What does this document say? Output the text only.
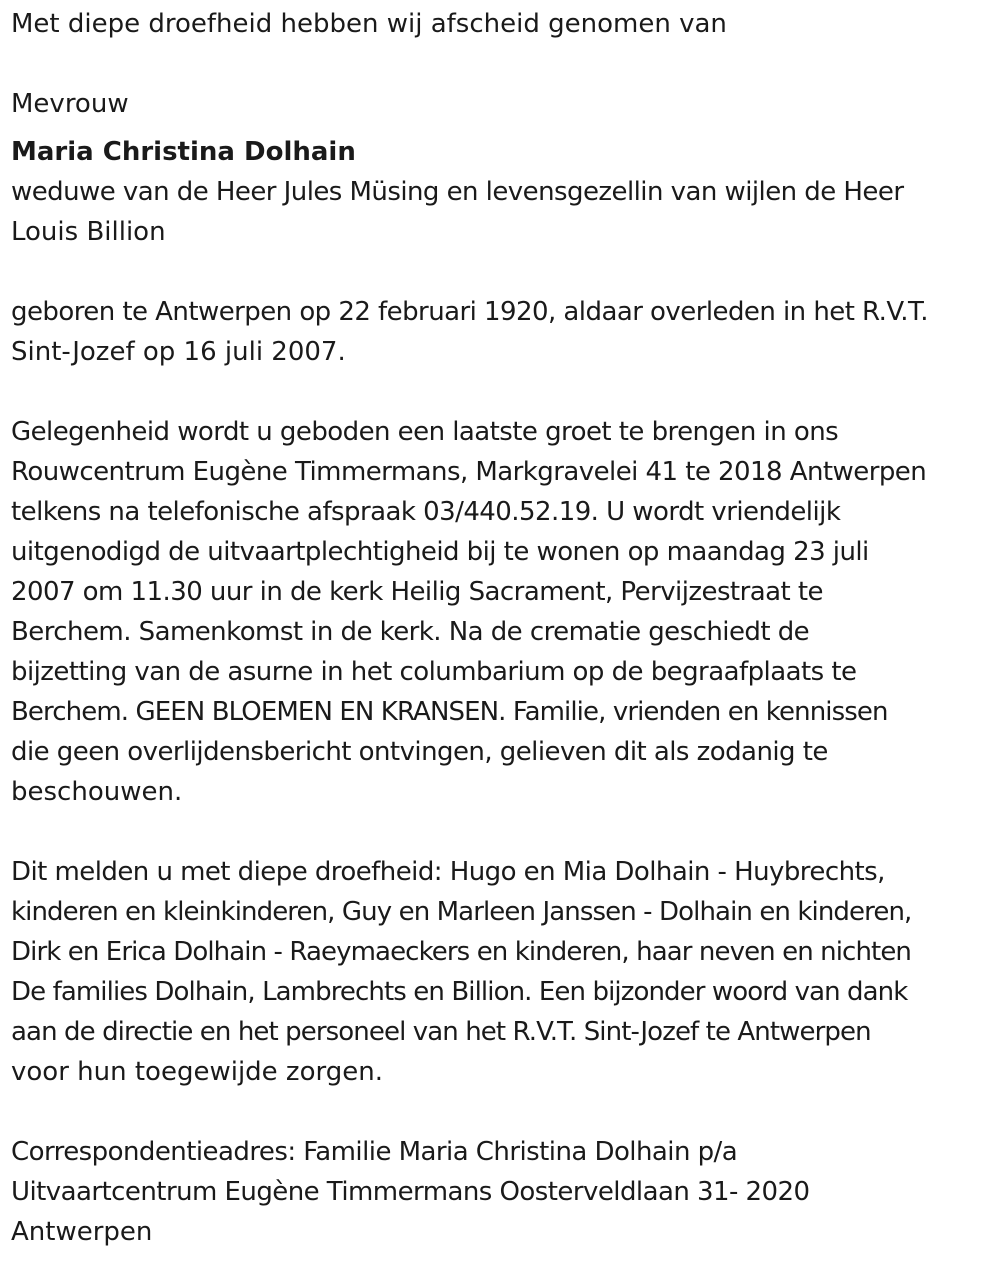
Met diepe droefheid hebben wij afscheid genomen van
Mevrouw
Maria Christina Dolhain
weduwe van de Heer Jules Müsing en levensgezellin van wijlen de Heer
Louis Billion
geboren te Antwerpen op 22 februari 1920, aldaar overleden in het R.V.T.
Sint-Jozef op 16 juli 2007.
Gelegenheid wordt u geboden een laatste groet te brengen in ons
Rouwcentrum Eugène Timmermans, Markgravelei 41 te 2018 Antwerpen
telkens na telefonische afspraak 03/440.52.19. U wordt vriendelijk
uitgenodigd de uitvaartplechtigheid bij te wonen op maandag 23 juli
2007 om 11.30 uur in de kerk Heilig Sacrament, Pervijzestraat te
Berchem. Samenkomst in de kerk. Na de crematie geschiedt de
bijzetting van de asurne in het columbarium op de begraafplaats te
Berchem. GEEN BLOEMEN EN KRANSEN. Familie, vrienden en kennissen
die geen overlijdensbericht ontvingen, gelieven dit als zodanig te
beschouwen.
Dit melden u met diepe droefheid: Hugo en Mia Dolhain - Huybrechts,
kinderen en kleinkinderen, Guy en Marleen Janssen - Dolhain en kinderen,
Dirk en Erica Dolhain - Raeymaeckers en kinderen, haar neven en nichten
De families Dolhain, Lambrechts en Billion. Een bijzonder woord van dank
aan de directie en het personeel van het R.V.T. Sint-Jozef te Antwerpen
voor hun toegewijde zorgen.
Correspondentieadres: Familie Maria Christina Dolhain p/a
Uitvaartcentrum Eugène Timmermans Oosterveldlaan 31- 2020
Antwerpen
